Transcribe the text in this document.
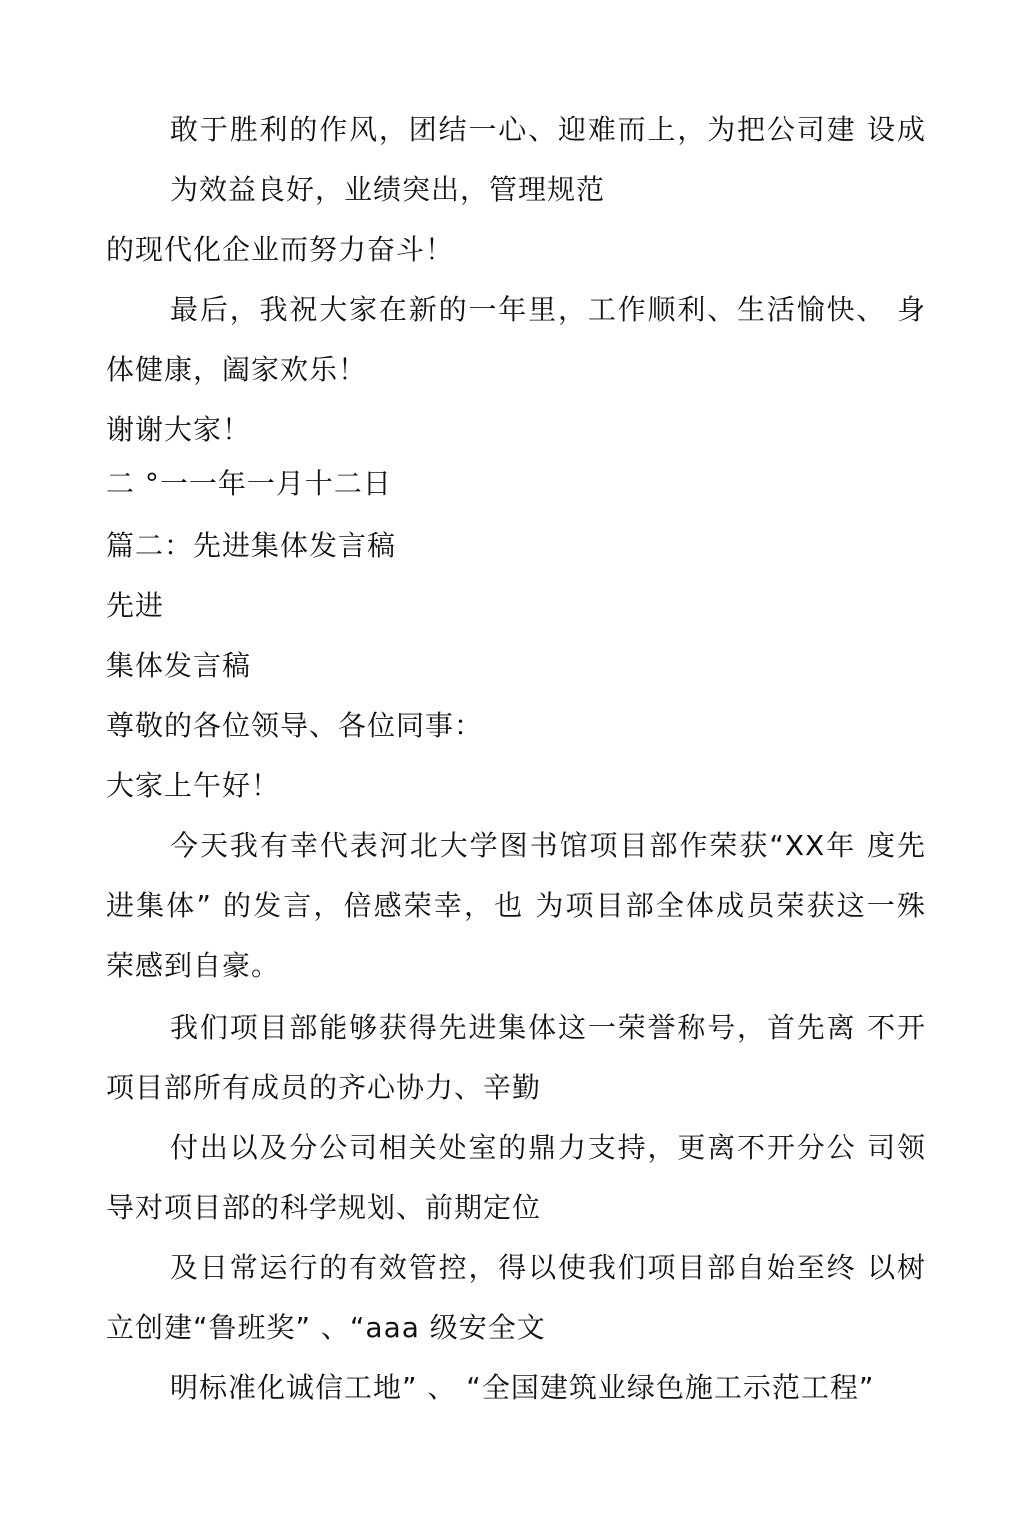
敢于胜利的作风，团结一心、迎难而上，为把公司建 设成
为效益良好，业绩突出，管理规范
的现代化企业而努力奋斗！
最后，我祝大家在新的一年里，工作顺利、生活愉快、 身
体健康，阖家欢乐！
谢谢大家！
二 °一一年一月十二日
篇二：先进集体发言稿
先进
集体发言稿
尊敬的各位领导、各位同事：
大家上午好！
今天我有幸代表河北大学图书馆项目部作荣获“XX年 度先
进集体” 的发言，倍感荣幸，也 为项目部全体成员荣获这一殊
荣感到自豪。
我们项目部能够获得先进集体这一荣誉称号，首先离 不开
项目部所有成员的齐心协力、辛勤
付出以及分公司相关处室的鼎力支持，更离不开分公 司领
导对项目部的科学规划、前期定位
及日常运行的有效管控，得以使我们项目部自始至终 以树
立创建“鲁班奖” 、“aaa 级安全文
明标准化诚信工地” 、 “全国建筑业绿色施工示范工程”
